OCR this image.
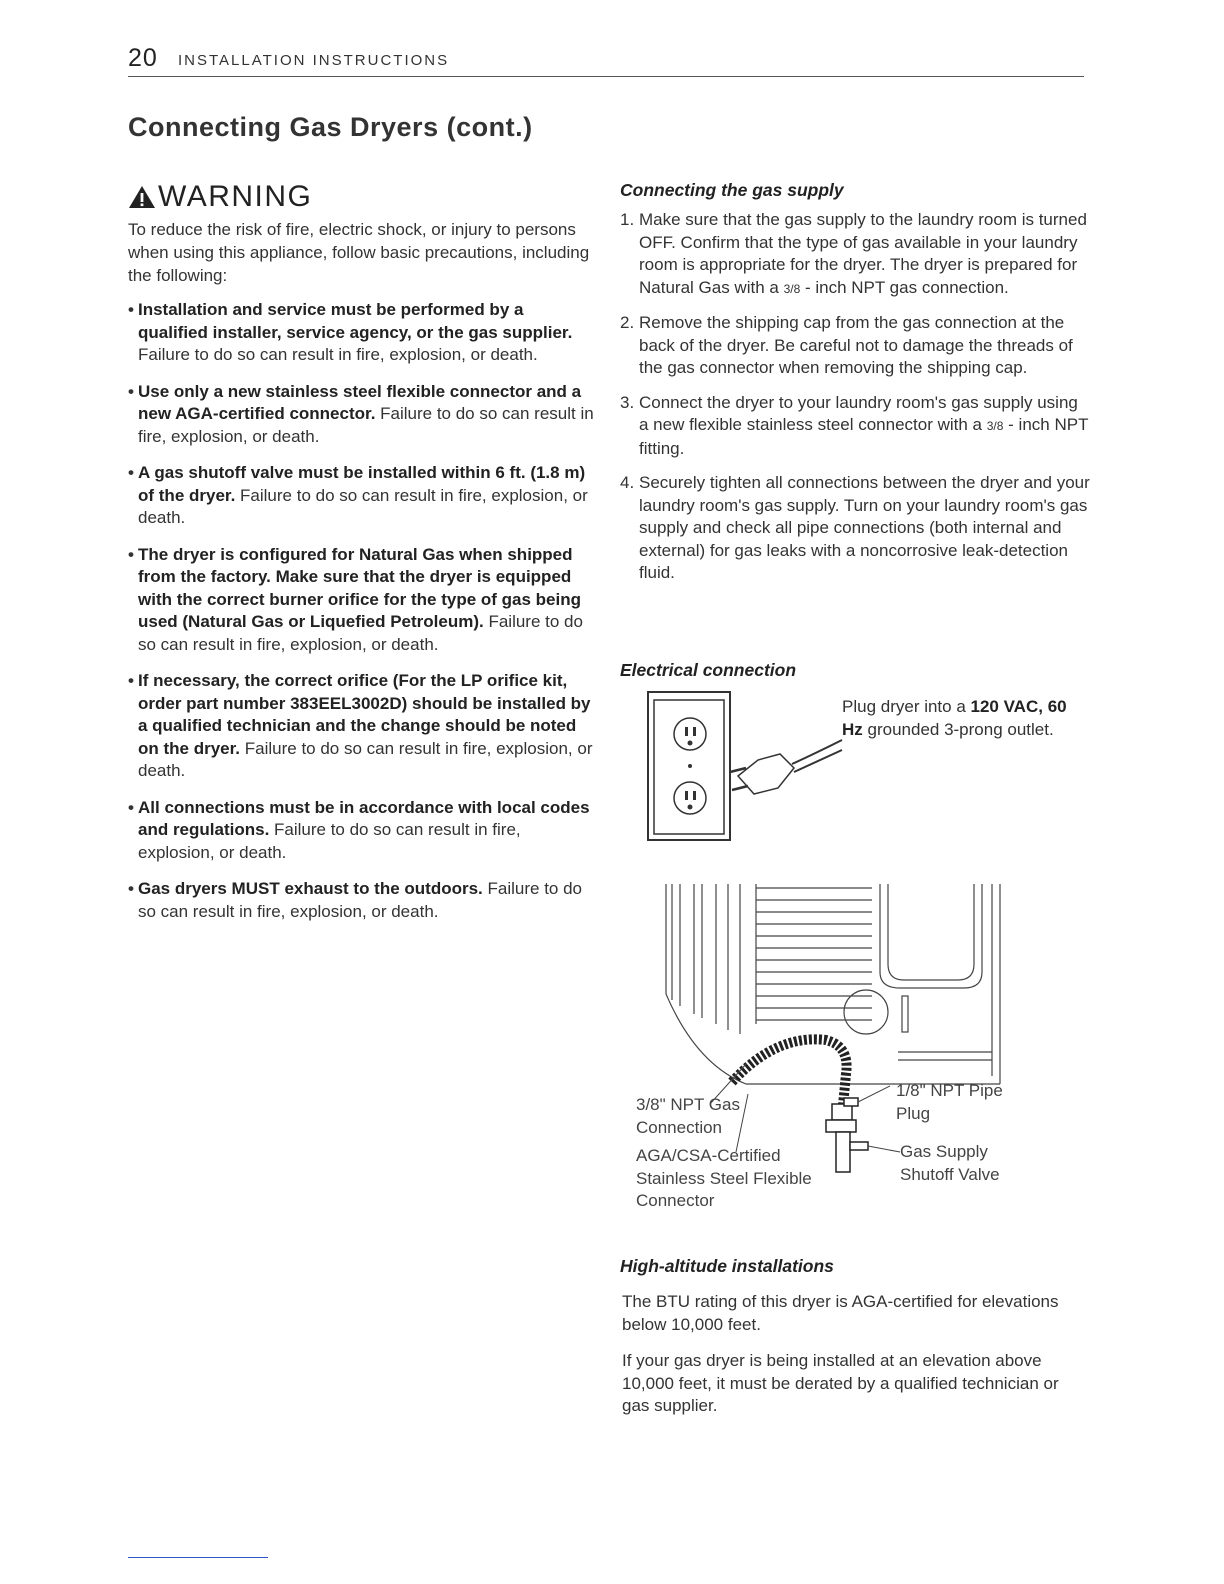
20 INSTALLATION INSTRUCTIONS
Connecting Gas Dryers (cont.)
WARNING

To reduce the risk of fire, electric shock, or injury to persons when using this appliance, follow basic precautions, including the following:

• Installation and service must be performed by a qualified installer, service agency, or the gas supplier. Failure to do so can result in fire, explosion, or death.
• Use only a new stainless steel flexible connector and a new AGA-certified connector. Failure to do so can result in fire, explosion, or death.
• A gas shutoff valve must be installed within 6 ft. (1.8 m) of the dryer. Failure to do so can result in fire, explosion, or death.
• The dryer is configured for Natural Gas when shipped from the factory. Make sure that the dryer is equipped with the correct burner orifice for the type of gas being used (Natural Gas or Liquefied Petroleum). Failure to do so can result in fire, explosion, or death.
• If necessary, the correct orifice (For the LP orifice kit, order part number 383EEL3002D) should be installed by a qualified technician and the change should be noted on the dryer. Failure to do so can result in fire, explosion, or death.
• All connections must be in accordance with local codes and regulations. Failure to do so can result in fire, explosion, or death.
• Gas dryers MUST exhaust to the outdoors. Failure to do so can result in fire, explosion, or death.
Connecting the gas supply
1. Make sure that the gas supply to the laundry room is turned OFF. Confirm that the type of gas available in your laundry room is appropriate for the dryer. The dryer is prepared for Natural Gas with a 3/8 - inch NPT gas connection.
2. Remove the shipping cap from the gas connection at the back of the dryer. Be careful not to damage the threads of the gas connector when removing the shipping cap.
3. Connect the dryer to your laundry room's gas supply using a new flexible stainless steel connector with a 3/8 - inch NPT fitting.
4. Securely tighten all connections between the dryer and your laundry room's gas supply. Turn on your laundry room's gas supply and check all pipe connections (both internal and external) for gas leaks with a noncorrosive leak-detection fluid.
Electrical connection
Plug dryer into a 120 VAC, 60 Hz grounded 3-prong outlet.
3/8" NPT Gas Connection
AGA/CSA-Certified Stainless Steel Flexible Connector
1/8" NPT Pipe Plug
Gas Supply Shutoff Valve
High-altitude installations

The BTU rating of this dryer is AGA-certified for elevations below 10,000 feet.

If your gas dryer is being installed at an elevation above 10,000 feet, it must be derated by a qualified technician or gas supplier.
